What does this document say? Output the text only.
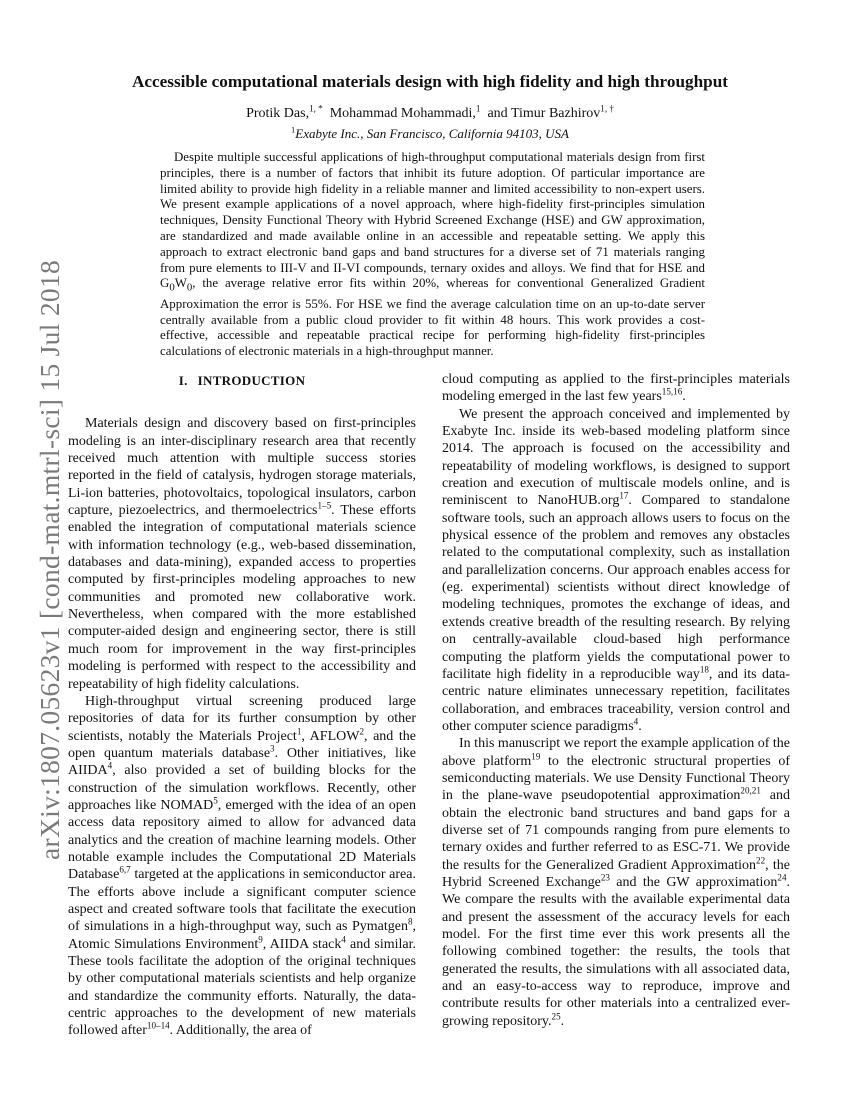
arXiv:1807.05623v1 [cond-mat.mtrl-sci] 15 Jul 2018
Accessible computational materials design with high fidelity and high throughput
Protik Das,$^{1, *}$ Mohammad Mohammadi,$^1$ and Timur Bazhirov$^{1, \dagger}$
$^1$Exabyte Inc., San Francisco, California 94103, USA

Despite multiple successful applications of high-throughput computational materials design from first principles, there is a number of factors that inhibit its future adoption. Of particular importance are limited ability to provide high fidelity in a reliable manner and limited accessibility to non-expert users. We present example applications of a novel approach, where high-fidelity first-principles simulation techniques, Density Functional Theory with Hybrid Screened Exchange (HSE) and GW approximation, are standardized and made available online in an accessible and repeatable setting. We apply this approach to extract electronic band gaps and band structures for a diverse set of 71 materials ranging from pure elements to III-V and II-VI compounds, ternary oxides and alloys. We find that for HSE and $G_0W_0$, the average relative error fits within 20%, whereas for conventional Generalized Gradient Approximation the error is 55%. For HSE we find the average calculation time on an up-to-date server centrally available from a public cloud provider to fit within 48 hours. This work provides a cost-effective, accessible and repeatable practical recipe for performing high-fidelity first-principles calculations of electronic materials in a high-throughput manner.

I. INTRODUCTION

Materials design and discovery based on first-principles modeling is an inter-disciplinary research area that recently received much attention with multiple success stories reported in the field of catalysis, hydrogen storage materials, Li-ion batteries, photovoltaics, topological insulators, carbon capture, piezoelectrics, and thermoelectrics$^{1-5}$. These efforts enabled the integration of computational materials science with information technology (e.g., web-based dissemination, databases and data-mining), expanded access to properties computed by first-principles modeling approaches to new communities and promoted new collaborative work. Nevertheless, when compared with the more established computer-aided design and engineering sector, there is still much room for improvement in the way first-principles modeling is performed with respect to the accessibility and repeatability of high fidelity calculations.

High-throughput virtual screening produced large repositories of data for its further consumption by other scientists, notably the Materials Project$^1$, AFLOW$^2$, and the open quantum materials database$^3$. Other initiatives, like AIIDA$^4$, also provided a set of building blocks for the construction of the simulation workflows. Recently, other approaches like NOMAD$^5$, emerged with the idea of an open access data repository aimed to allow for advanced data analytics and the creation of machine learning models. Other notable example includes the Computational 2D Materials Database$^{6,7}$ targeted at the applications in semiconductor area. The efforts above include a significant computer science aspect and created software tools that facilitate the execution of simulations in a high-throughput way, such as Pymatgen$^8$, Atomic Simulations Environment$^9$, AIIDA stack$^4$ and similar. These tools facilitate the adoption of the original techniques by other computational materials scientists and help organize and standardize the community efforts. Naturally, the data-centric approaches to the development of new materials followed after$^{10-14}$. Additionally, the area of

cloud computing as applied to the first-principles materials modeling emerged in the last few years$^{15,16}$.

We present the approach conceived and implemented by Exabyte Inc. inside its web-based modeling platform since 2014. The approach is focused on the accessibility and repeatability of modeling workflows, is designed to support creation and execution of multiscale models online, and is reminiscent to NanoHUB.org$^{17}$. Compared to standalone software tools, such an approach allows users to focus on the physical essence of the problem and removes any obstacles related to the computational complexity, such as installation and parallelization concerns. Our approach enables access for (eg. experimental) scientists without direct knowledge of modeling techniques, promotes the exchange of ideas, and extends creative breadth of the resulting research. By relying on centrally-available cloud-based high performance computing the platform yields the computational power to facilitate high fidelity in a reproducible way$^{18}$, and its data-centric nature eliminates unnecessary repetition, facilitates collaboration, and embraces traceability, version control and other computer science paradigms$^4$.

In this manuscript we report the example application of the above platform$^{19}$ to the electronic structural properties of semiconducting materials. We use Density Functional Theory in the plane-wave pseudopotential approximation$^{20,21}$ and obtain the electronic band structures and band gaps for a diverse set of 71 compounds ranging from pure elements to ternary oxides and further referred to as ESC-71. We provide the results for the Generalized Gradient Approximation$^{22}$, the Hybrid Screened Exchange$^{23}$ and the GW approximation$^{24}$. We compare the results with the available experimental data and present the assessment of the accuracy levels for each model. For the first time ever this work presents all the following combined together: the results, the tools that generated the results, the simulations with all associated data, and an easy-to-access way to reproduce, improve and contribute results for other materials into a centralized ever-growing repository.$^{25}$.
